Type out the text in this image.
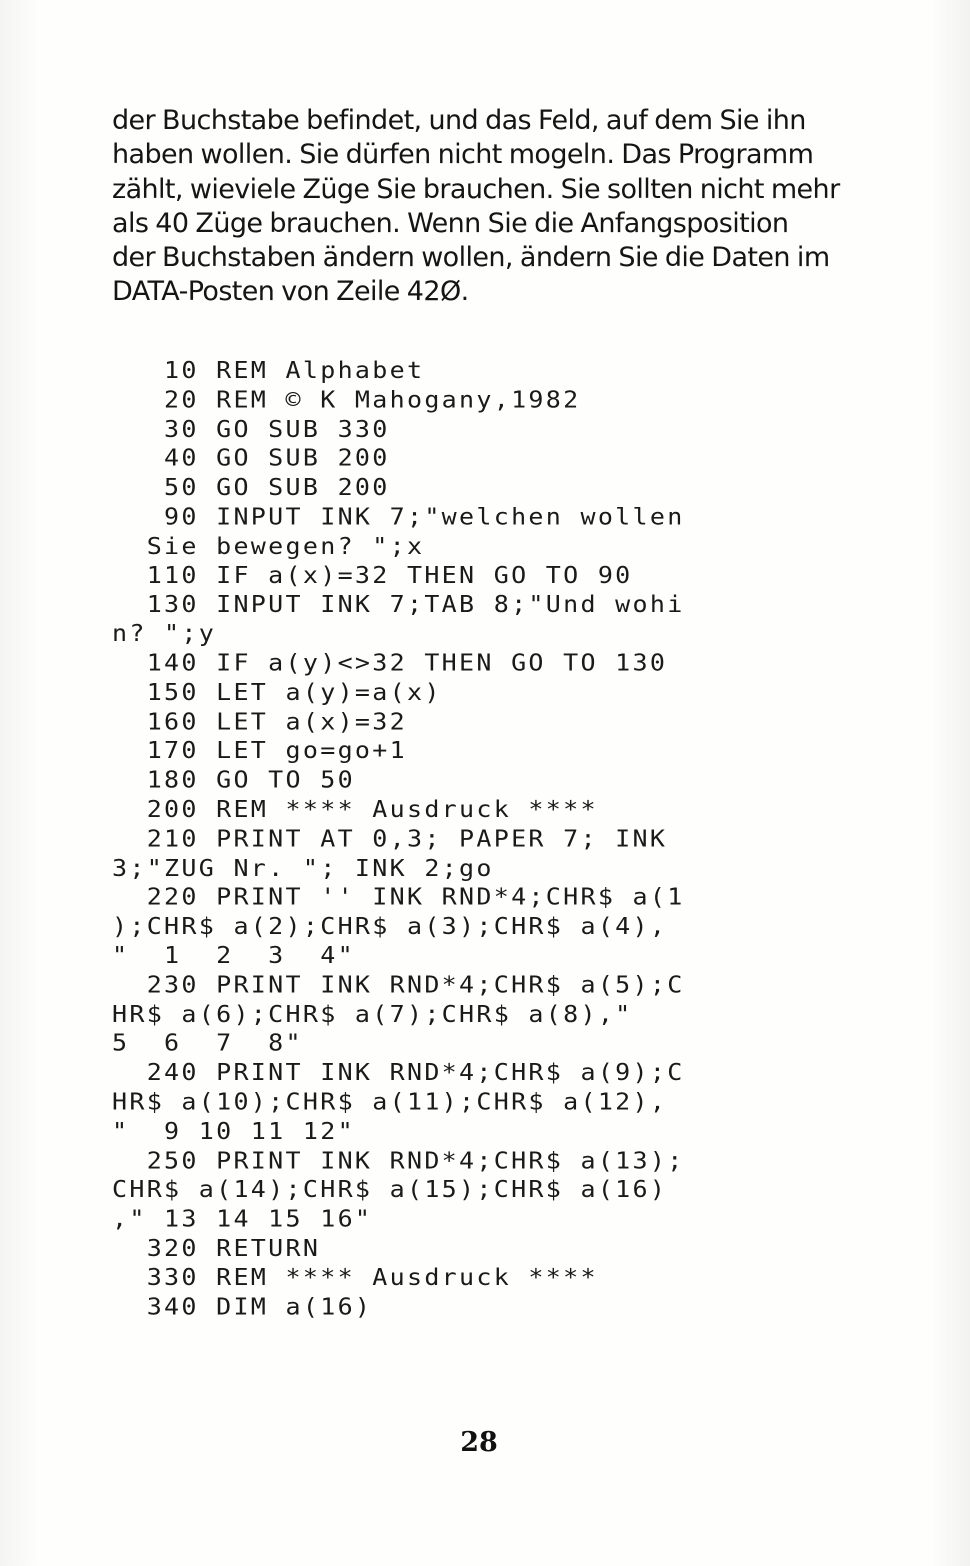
der Buchstabe befindet, und das Feld, auf dem Sie ihn
haben wollen. Sie dürfen nicht mogeln. Das Programm
zählt, wieviele Züge Sie brauchen. Sie sollten nicht mehr
als 40 Züge brauchen. Wenn Sie die Anfangsposition
der Buchstaben ändern wollen, ändern Sie die Daten im
DATA-Posten von Zeile 42Ø.

10 REM Alphabet
20 REM © K Mahogany,1982
30 GO SUB 330
40 GO SUB 200
50 GO SUB 200
90 INPUT INK 7;"welchen wollen
Sie bewegen? ";x
110 IF a(x)=32 THEN GO TO 90
130 INPUT INK 7;TAB 8;"Und wohi
n? ";y
140 IF a(y)<>32 THEN GO TO 130
150 LET a(y)=a(x)
160 LET a(x)=32
170 LET go=go+1
180 GO TO 50
200 REM **** Ausdruck ****
210 PRINT AT 0,3; PAPER 7; INK
3;"ZUG Nr. "; INK 2;go
220 PRINT '' INK RND*4;CHR$ a(1
);CHR$ a(2);CHR$ a(3);CHR$ a(4),
"  1  2  3  4"
230 PRINT INK RND*4;CHR$ a(5);C
HR$ a(6);CHR$ a(7);CHR$ a(8),"
5  6  7  8"
240 PRINT INK RND*4;CHR$ a(9);C
HR$ a(10);CHR$ a(11);CHR$ a(12),
"  9 10 11 12"
250 PRINT INK RND*4;CHR$ a(13);
CHR$ a(14);CHR$ a(15);CHR$ a(16)
," 13 14 15 16"
320 RETURN
330 REM **** Ausdruck ****
340 DIM a(16)
28
